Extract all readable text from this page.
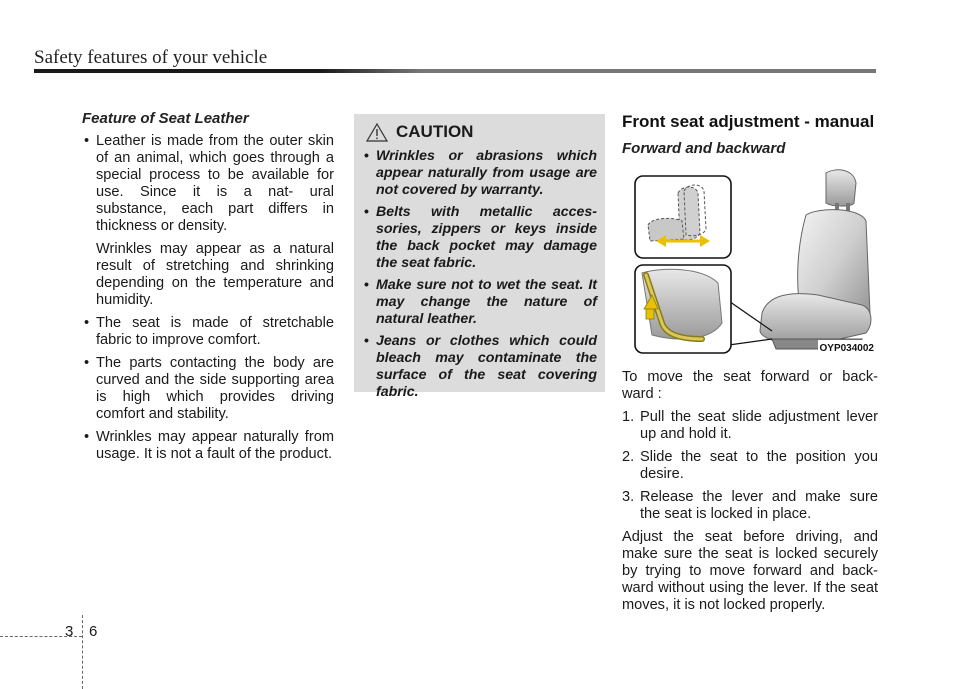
Safety features of your vehicle
Feature of Seat Leather

• Leather is made from the outer skin of an animal, which goes through a special process to be available for use. Since it is a nat- ural substance, each part differs in thickness or density.

Wrinkles may appear as a natural result of stretching and shrinking depending on the temperature and humidity.

• The seat is made of stretchable fabric to improve comfort.

• The parts contacting the body are curved and the side supporting area is high which provides driving comfort and stability.

• Wrinkles may appear naturally from usage. It is not a fault of the product.

CAUTION
• Wrinkles or abrasions which appear naturally from usage are not covered by warranty.
• Belts with metallic acces- sories, zippers or keys inside the back pocket may damage the seat fabric.
• Make sure not to wet the seat. It may change the nature of natural leather.
• Jeans or clothes which could bleach may contaminate the surface of the seat covering fabric.
Front seat adjustment - manual
Forward and backward
OYP034002

To move the seat forward or back- ward :

1. Pull the seat slide adjustment lever up and hold it.
2. Slide the seat to the position you desire.
3. Release the lever and make sure the seat is locked in place.

Adjust the seat before driving, and make sure the seat is locked securely by trying to move forward and back- ward without using the lever. If the seat moves, it is not locked properly.

3 6
